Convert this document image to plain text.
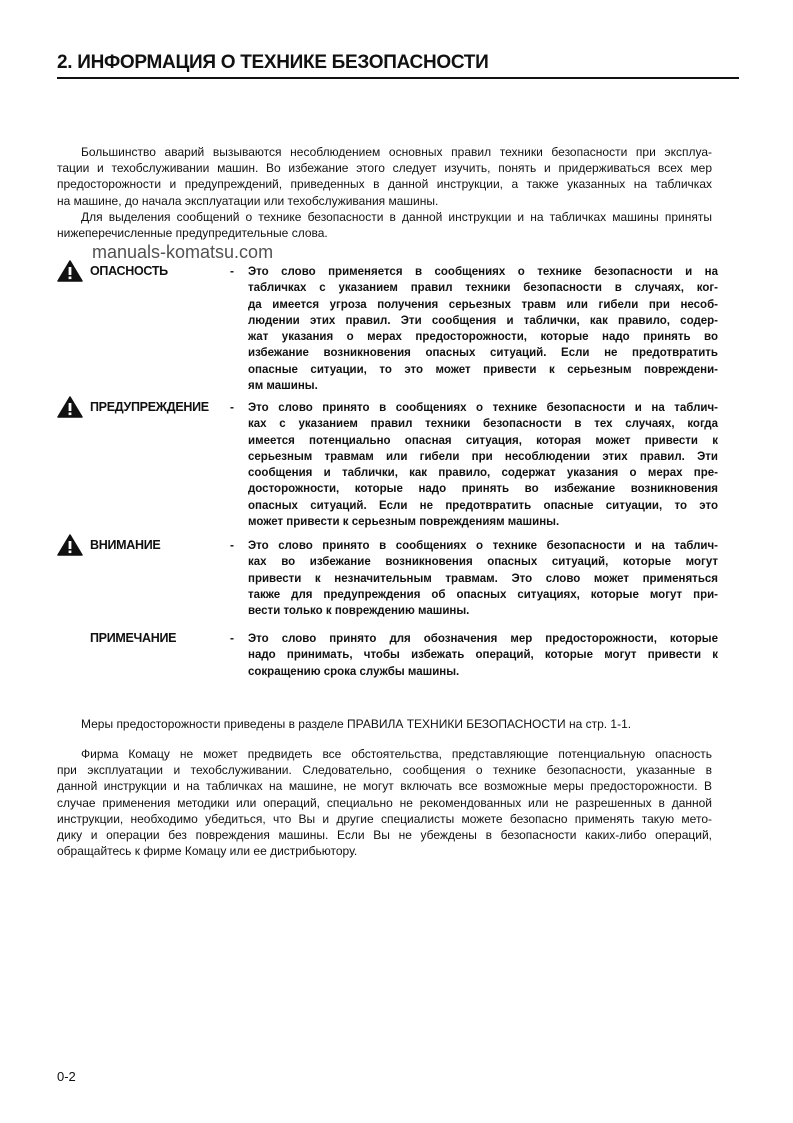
2. ИНФОРМАЦИЯ О ТЕХНИКЕ БЕЗОПАСНОСТИ
Большинство аварий вызываются несоблюдением основных правил техники безопасности при эксплуа-
тации и техобслуживании машин. Во избежание этого следует изучить, понять и придерживаться всех мер
предосторожности и предупреждений, приведенных в данной инструкции, а также указанных на табличках
на машине, до начала эксплуатации или техобслуживания машины.
Для выделения сообщений о технике безопасности в данной инструкции и на табличках машины приняты
нижеперечисленные предупредительные слова.
manuals-komatsu.com
ОПАСНОСТЬ	- Это слово применяется в сообщениях о технике безопасности и на
табличках с указанием правил техники безопасности в случаях, ког-
да имеется угроза получения серьезных травм или гибели при несоб-
людении этих правил. Эти сообщения и таблички, как правило, содер-
жат указания о мерах предосторожности, которые надо принять во
избежание возникновения опасных ситуаций. Если не предотвратить
опасные ситуации, то это может привести к серьезным повреждени-
ям машины.
ПРЕДУПРЕЖДЕНИЕ - Это слово принято в сообщениях о технике безопасности и на таблич-
ках с указанием правил техники безопасности в тех случаях, когда
имеется потенциально опасная ситуация, которая может привести к
серьезным травмам или гибели при несоблюдении этих правил. Эти
сообщения и таблички, как правило, содержат указания о мерах пре-
досторожности, которые надо принять во избежание возникновения
опасных ситуаций. Если не предотвратить опасные ситуации, то это
может привести к серьезным повреждениям машины.
ВНИМАНИЕ	- Это слово принято в сообщениях о технике безопасности и на таблич-
ках во избежание возникновения опасных ситуаций, которые могут
привести к незначительным травмам. Это слово может применяться
также для предупреждения об опасных ситуациях, которые могут при-
вести только к повреждению машины.
ПРИМЕЧАНИЕ	- Это слово принято для обозначения мер предосторожности, которые
надо принимать, чтобы избежать операций, которые могут привести к
сокращению срока службы машины.
Меры предосторожности приведены в разделе ПРАВИЛА ТЕХНИКИ БЕЗОПАСНОСТИ на стр. 1-1.
Фирма Комацу не может предвидеть все обстоятельства, представляющие потенциальную опасность
при эксплуатации и техобслуживании. Следовательно, сообщения о технике безопасности, указанные в
данной инструкции и на табличках на машине, не могут включать все возможные меры предосторожности. В
случае применения методики или операций, специально не рекомендованных или не разрешенных в данной
инструкции, необходимо убедиться, что Вы и другие специалисты можете безопасно применять такую мето-
дику и операции без повреждения машины. Если Вы не убеждены в безопасности каких-либо операций,
обращайтесь к фирме Комацу или ее дистрибьютору.
0-2
